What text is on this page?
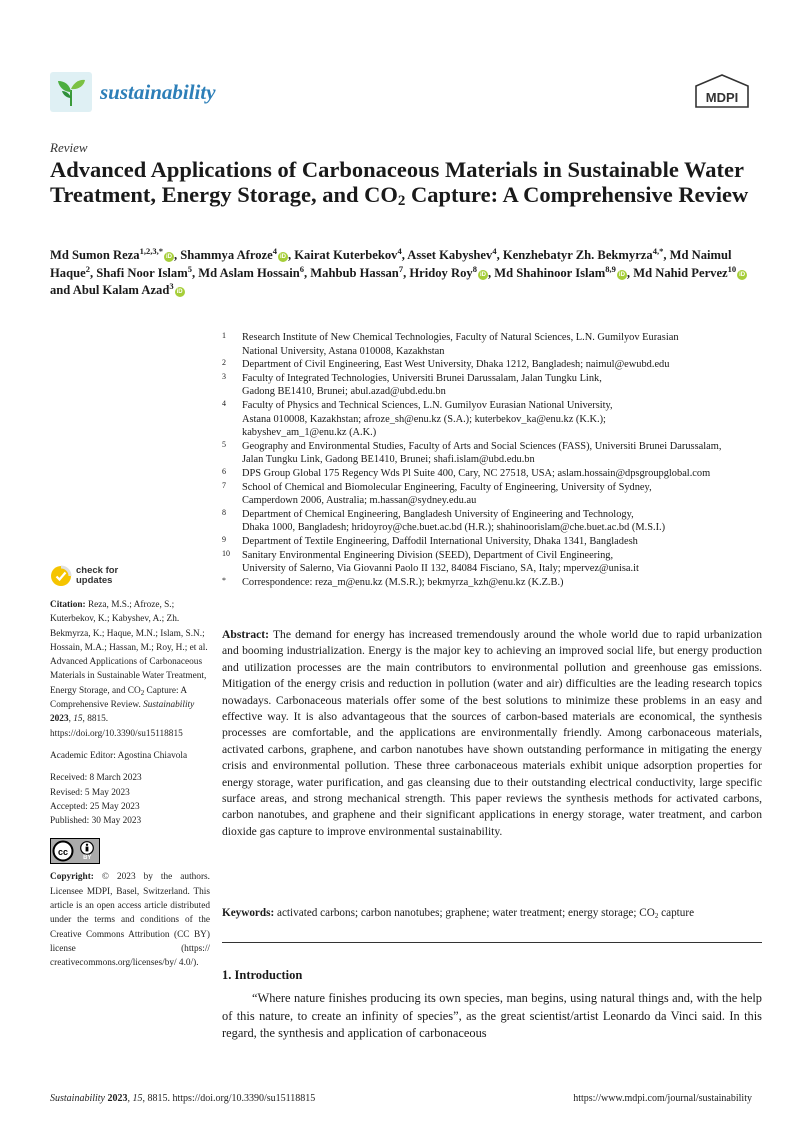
sustainability	MDPI
Review
Advanced Applications of Carbonaceous Materials in Sustainable Water Treatment, Energy Storage, and $CO_2$ Capture: A Comprehensive Review
Md Sumon Reza$^{1,2,3,*}$iD , Shammya Afroze$^4$iD , Kairat Kuterbekov$^4$, Asset Kabyshev$^4$, Kenzhebatyr Zh. Bekmyrza$^{4,*}$, Md Naimul Haque$^2$, Shafi Noor Islam$^5$, Md Aslam Hossain$^6$, Mahbub Hassan$^7$, Hridoy Roy$^8$iD , Md Shahinoor Islam$^{8,9}$iD , Md Nahid Pervez$^{10}$iD and Abul Kalam Azad$^3$iD
1 Research Institute of New Chemical Technologies, Faculty of Natural Sciences, L.N. Gumilyov Eurasian
National University, Astana 010008, Kazakhstan
2 Department of Civil Engineering, East West University, Dhaka 1212, Bangladesh; naimul@ewubd.edu
3 Faculty of Integrated Technologies, Universiti Brunei Darussalam, Jalan Tungku Link,
Gadong BE1410, Brunei; abul.azad@ubd.edu.bn
4 Faculty of Physics and Technical Sciences, L.N. Gumilyov Eurasian National University,
Astana 010008, Kazakhstan; afroze_sh@enu.kz (S.A.); kuterbekov_ka@enu.kz (K.K.);
kabyshev_am_1@enu.kz (A.K.)
5 Geography and Environmental Studies, Faculty of Arts and Social Sciences (FASS), Universiti Brunei Darussalam,
Jalan Tungku Link, Gadong BE1410, Brunei; shafi.islam@ubd.edu.bn
6 DPS Group Global 175 Regency Wds Pl Suite 400, Cary, NC 27518, USA; aslam.hossain@dpsgroupglobal.com
7 School of Chemical and Biomolecular Engineering, Faculty of Engineering, University of Sydney,
Camperdown 2006, Australia; m.hassan@sydney.edu.au
8 Department of Chemical Engineering, Bangladesh University of Engineering and Technology,
Dhaka 1000, Bangladesh; hridoyroy@che.buet.ac.bd (H.R.); shahinoorislam@che.buet.ac.bd (M.S.I.)
9 Department of Textile Engineering, Daffodil International University, Dhaka 1341, Bangladesh
10 Sanitary Environmental Engineering Division (SEED), Department of Civil Engineering,
University of Salerno, Via Giovanni Paolo II 132, 84084 Fisciano, SA, Italy; mpervez@unisa.it
* Correspondence: reza_m@enu.kz (M.S.R.); bekmyrza_kzh@enu.kz (K.Z.B.)
check for
updates
Citation: Reza, M.S.; Afroze, S.; Kuterbekov, K.; Kabyshev, A.; Zh. Bekmyrza, K.; Haque, M.N.; Islam, S.N.; Hossain, M.A.; Hassan, M.; Roy, H.; et al. Advanced Applications of Carbonaceous Materials in Sustainable Water Treatment, Energy Storage, and $CO_2$ Capture: A Comprehensive Review. Sustainability 2023, 15, 8815. https://doi.org/10.3390/su15118815
Academic Editor: Agostina Chiavola
Received: 8 March 2023
Revised: 5 May 2023
Accepted: 25 May 2023
Published: 30 May 2023
cc
BY
Copyright: © 2023 by the authors. Licensee MDPI, Basel, Switzerland. This article is an open access article distributed under the terms and conditions of the Creative Commons Attribution (CC BY) license (https:// creativecommons.org/licenses/by/ 4.0/).
Abstract: The demand for energy has increased tremendously around the whole world due to rapid urbanization and booming industrialization. Energy is the major key to achieving an improved social life, but energy production and utilization processes are the main contributors to environmental pollution and greenhouse gas emissions. Mitigation of the energy crisis and reduction in pollution (water and air) difficulties are the leading research topics nowadays. Carbonaceous materials offer some of the best solutions to minimize these problems in an easy and effective way. It is also advantageous that the sources of carbon-based materials are economical, the synthesis processes are comfortable, and the applications are environmentally friendly. Among carbonaceous materials, activated carbons, graphene, and carbon nanotubes have shown outstanding performance in mitigating the energy crisis and environmental pollution. These three carbonaceous materials exhibit unique adsorption properties for energy storage, water purification, and gas cleansing due to their outstanding electrical conductivity, large specific surface areas, and strong mechanical strength. This paper reviews the synthesis methods for activated carbons, carbon nanotubes, and graphene and their significant applications in energy storage, water treatment, and carbon dioxide gas capture to improve environmental sustainability.
Keywords: activated carbons; carbon nanotubes; graphene; water treatment; energy storage; $CO_2$ capture
1. Introduction

“Where nature finishes producing its own species, man begins, using natural things and, with the help of this nature, to create an infinity of species”, as the great scientist/artist Leonardo da Vinci said. In this regard, the synthesis and application of carbonaceous

Sustainability 2023, 15, 8815. https://doi.org/10.3390/su15118815	https://www.mdpi.com/journal/sustainability
